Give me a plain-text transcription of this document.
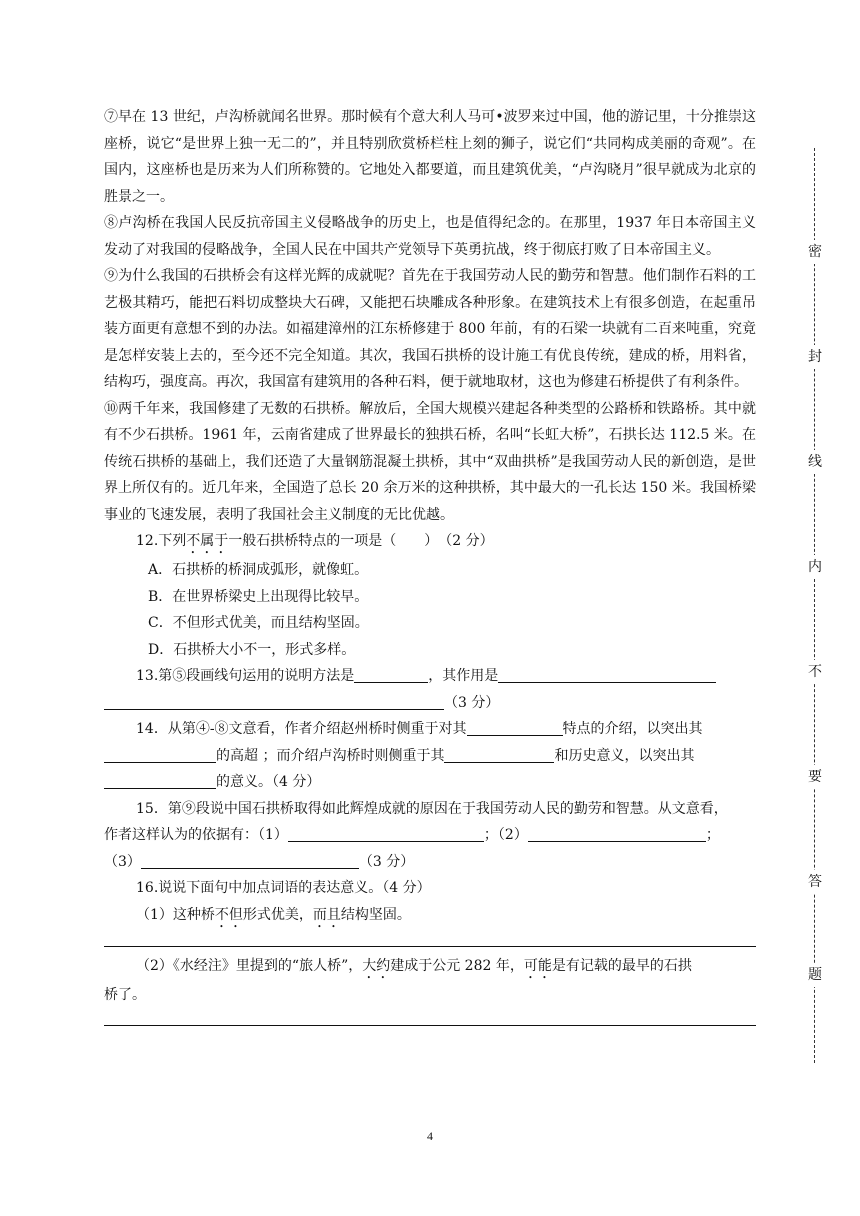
⑦早在 13 世纪，卢沟桥就闻名世界。那时候有个意大利人马可•波罗来过中国，他的游记里，十分推崇这座桥，说它“是世界上独一无二的”，并且特别欣赏桥栏柱上刻的狮子，说它们“共同构成美丽的奇观”。在国内，这座桥也是历来为人们所称赞的。它地处入都要道，而且建筑优美，“卢沟晓月”很早就成为北京的胜景之一。

⑧卢沟桥在我国人民反抗帝国主义侵略战争的历史上，也是值得纪念的。在那里，1937 年日本帝国主义发动了对我国的侵略战争，全国人民在中国共产党领导下英勇抗战，终于彻底打败了日本帝国主义。

⑨为什么我国的石拱桥会有这样光辉的成就呢？首先在于我国劳动人民的勤劳和智慧。他们制作石料的工艺极其精巧，能把石料切成整块大石碑，又能把石块雕成各种形象。在建筑技术上有很多创造，在起重吊装方面更有意想不到的办法。如福建漳州的江东桥修建于 800 年前，有的石梁一块就有二百来吨重，究竟是怎样安装上去的，至今还不完全知道。其次，我国石拱桥的设计施工有优良传统，建成的桥，用料省，结构巧，强度高。再次，我国富有建筑用的各种石料，便于就地取材，这也为修建石桥提供了有利条件。

⑩两千年来，我国修建了无数的石拱桥。解放后，全国大规模兴建起各种类型的公路桥和铁路桥。其中就有不少石拱桥。1961 年，云南省建成了世界最长的独拱石桥，名叫“长虹大桥”，石拱长达 112.5 米。在传统石拱桥的基础上，我们还造了大量钢筋混凝土拱桥，其中“双曲拱桥”是我国劳动人民的新创造，是世界上所仅有的。近几年来，全国造了总长 20 余万米的这种拱桥，其中最大的一孔长达 150 米。我国桥梁事业的飞速发展，表明了我国社会主义制度的无比优越。

12.下列不属于一般石拱桥特点的一项是（　　）　（2 分）

A．石拱桥的桥洞成弧形，就像虹。

B．在世界桥梁史上出现得比较早。

C．不但形式优美，而且结构坚固。

D．石拱桥大小不一，形式多样。

13.第⑤段画线句运用的说明方法是	，其作用是
（3 分）
14．从第④-⑧文意看，作者介绍赵州桥时侧重于对其	特点的介绍，以突出其
的高超 ；而介绍卢沟桥时则侧重于其	和历史意义，以突出其
的意义。（4 分）
15．第⑨段说中国石拱桥取得如此辉煌成就的原因在于我国劳动人民的勤劳和智慧。从文意看，
作者这样认为的依据有：（1）	；（2）	；
（3）	（3 分）
16.说说下面句中加点词语的表达意义。（4 分）
（1）这种桥不但形式优美，而且结构坚固。
（2）《水经注》里提到的“旅人桥”，大约建成于公元 282 年，可能是有记载的最早的石拱
桥了。
密
封
线
内
不
要
答
题
4
